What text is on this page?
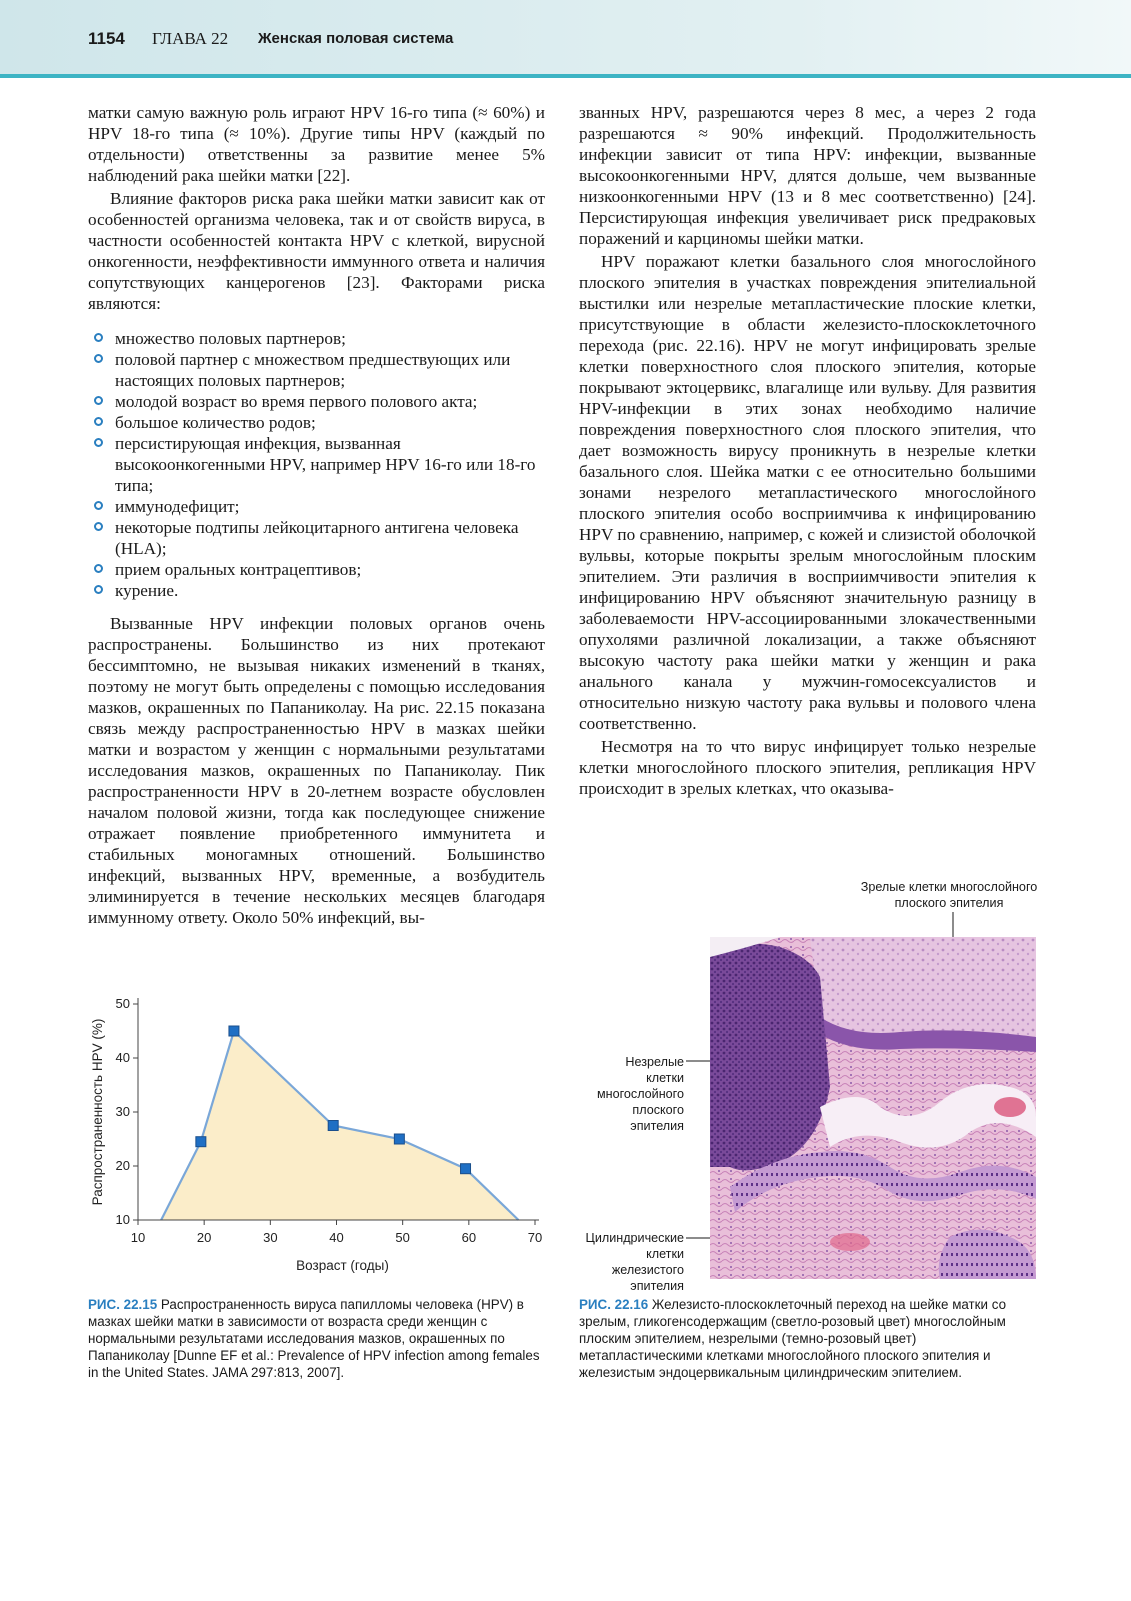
1154 ГЛАВА 22 Женская половая система

матки самую важную роль играют HPV 16-го типа (≈ 60%) и HPV 18-го типа (≈ 10%). Другие типы HPV (каждый по отдельности) ответственны за развитие менее 5% наблюдений рака шейки матки [22].

Влияние факторов риска рака шейки матки зависит как от особенностей организма человека, так и от свойств вируса, в частности особенностей контакта HPV с клеткой, вирусной онкогенности, неэффективности иммунного ответа и наличия сопутствующих канцерогенов [23]. Факторами риска являются:

множество половых партнеров;
половой партнер с множеством предшествующих или настоящих половых партнеров;
молодой возраст во время первого полового акта;
большое количество родов;
персистирующая инфекция, вызванная высокоонкогенными HPV, например HPV 16-го или 18-го типа;
иммунодефицит;
некоторые подтипы лейкоцитарного антигена человека (HLA);
прием оральных контрацептивов;
курение.

Вызванные HPV инфекции половых органов очень распространены. Большинство из них протекают бессимптомно, не вызывая никаких изменений в тканях, поэтому не могут быть определены с помощью исследования мазков, окрашенных по Папаниколау. На рис. 22.15 показана связь между распространенностью HPV в мазках шейки матки и возрастом у женщин с нормальными результатами исследования мазков, окрашенных по Папаниколау. Пик распространенности HPV в 20-летнем возрасте обусловлен началом половой жизни, тогда как последующее снижение отражает появление приобретенного иммунитета и стабильных моногамных отношений. Большинство инфекций, вызванных HPV, временные, а возбудитель элиминируется в течение нескольких месяцев благодаря иммунному ответу. Около 50% инфекций, вы-

званных HPV, разрешаются через 8 мес, а через 2 года разрешаются ≈ 90% инфекций. Продолжительность инфекции зависит от типа HPV: инфекции, вызванные высокоонкогенными HPV, длятся дольше, чем вызванные низкоонкогенными HPV (13 и 8 мес соответственно) [24]. Персистирующая инфекция увеличивает риск предраковых поражений и карциномы шейки матки.

HPV поражают клетки базального слоя многослойного плоского эпителия в участках повреждения эпителиальной выстилки или незрелые метапластические плоские клетки, присутствующие в области железисто-плоскоклеточного перехода (рис. 22.16). HPV не могут инфицировать зрелые клетки поверхностного слоя плоского эпителия, которые покрывают эктоцервикс, влагалище или вульву. Для развития HPV-инфекции в этих зонах необходимо наличие повреждения поверхностного слоя плоского эпителия, что дает возможность вирусу проникнуть в незрелые клетки базального слоя. Шейка матки с ее относительно большими зонами незрелого метапластического многослойного плоского эпителия особо восприимчива к инфицированию HPV по сравнению, например, с кожей и слизистой оболочкой вульвы, которые покрыты зрелым многослойным плоским эпителием. Эти различия в восприимчивости эпителия к инфицированию HPV объясняют значительную разницу в заболеваемости HPV-ассоциированными злокачественными опухолями различной локализации, а также объясняют высокую частоту рака шейки матки у женщин и рака анального канала у мужчин-гомосексуалистов и относительно низкую частоту рака вульвы и полового члена соответственно.

Несмотря на то что вирус инфицирует только незрелые клетки многослойного плоского эпителия, репликация HPV происходит в зрелых клетках, что оказыва-

10
20
30
40
50
10	20	30	40	50	60	70
Возраст (годы)
Распространенность HPV (%)
РИС. 22.15 Распространенность вируса папилломы человека (HPV) в мазках шейки матки в зависимости от возраста среди женщин с нормальными результатами исследования мазков, окрашенных по Папаниколау [Dunne EF et al.: Prevalence of HPV infection among females in the United States. JAMA 297:813, 2007].
Зрелые клетки многослойного плоского эпителия
Незрелые клетки многослойного плоского эпителия
Цилиндрические клетки железистого эпителия
РИС. 22.16 Железисто-плоскоклеточный переход на шейке матки со зрелым, гликогенсодержащим (светло-розовый цвет) многослойным плоским эпителием, незрелыми (темно-розовый цвет) метапластическими клетками многослойного плоского эпителия и железистым эндоцервикальным цилиндрическим эпителием.
